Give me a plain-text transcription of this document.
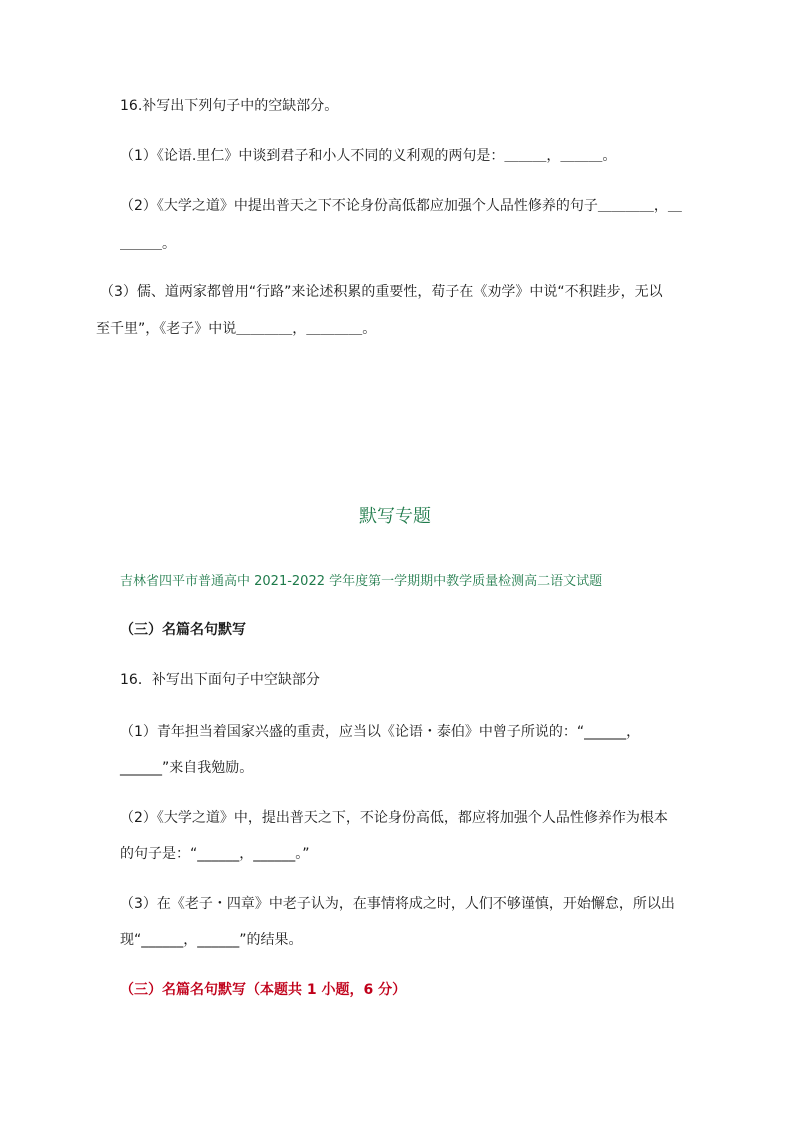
16.补写出下列句子中的空缺部分。
（1）《论语.里仁》中谈到君子和小人不同的义利观的两句是：＿＿＿，＿＿＿。
（2）《大学之道》中提出普天之下不论身份高低都应加强个人品性修养的句子＿＿＿＿，＿
＿＿＿。
（3）儒、道两家都曾用“行路”来论述积累的重要性，荀子在《劝学》中说“不积跬步，无以
至千里”，《老子》中说＿＿＿＿，＿＿＿＿。
默写专题
吉林省四平市普通高中 2021-2022 学年度第一学期期中教学质量检测高二语文试题
（三）名篇名句默写
16．补写出下面句子中空缺部分
（1）青年担当着国家兴盛的重责，应当以《论语・泰伯》中曾子所说的：“______，
______”来自我勉励。
（2）《大学之道》中，提出普天之下，不论身份高低，都应将加强个人品性修养作为根本
的句子是：“______，______。”
（3）在《老子・四章》中老子认为，在事情将成之时，人们不够谨慎，开始懈怠，所以出
现“______，______”的结果。
（三）名篇名句默写（本题共 1 小题，6 分）
